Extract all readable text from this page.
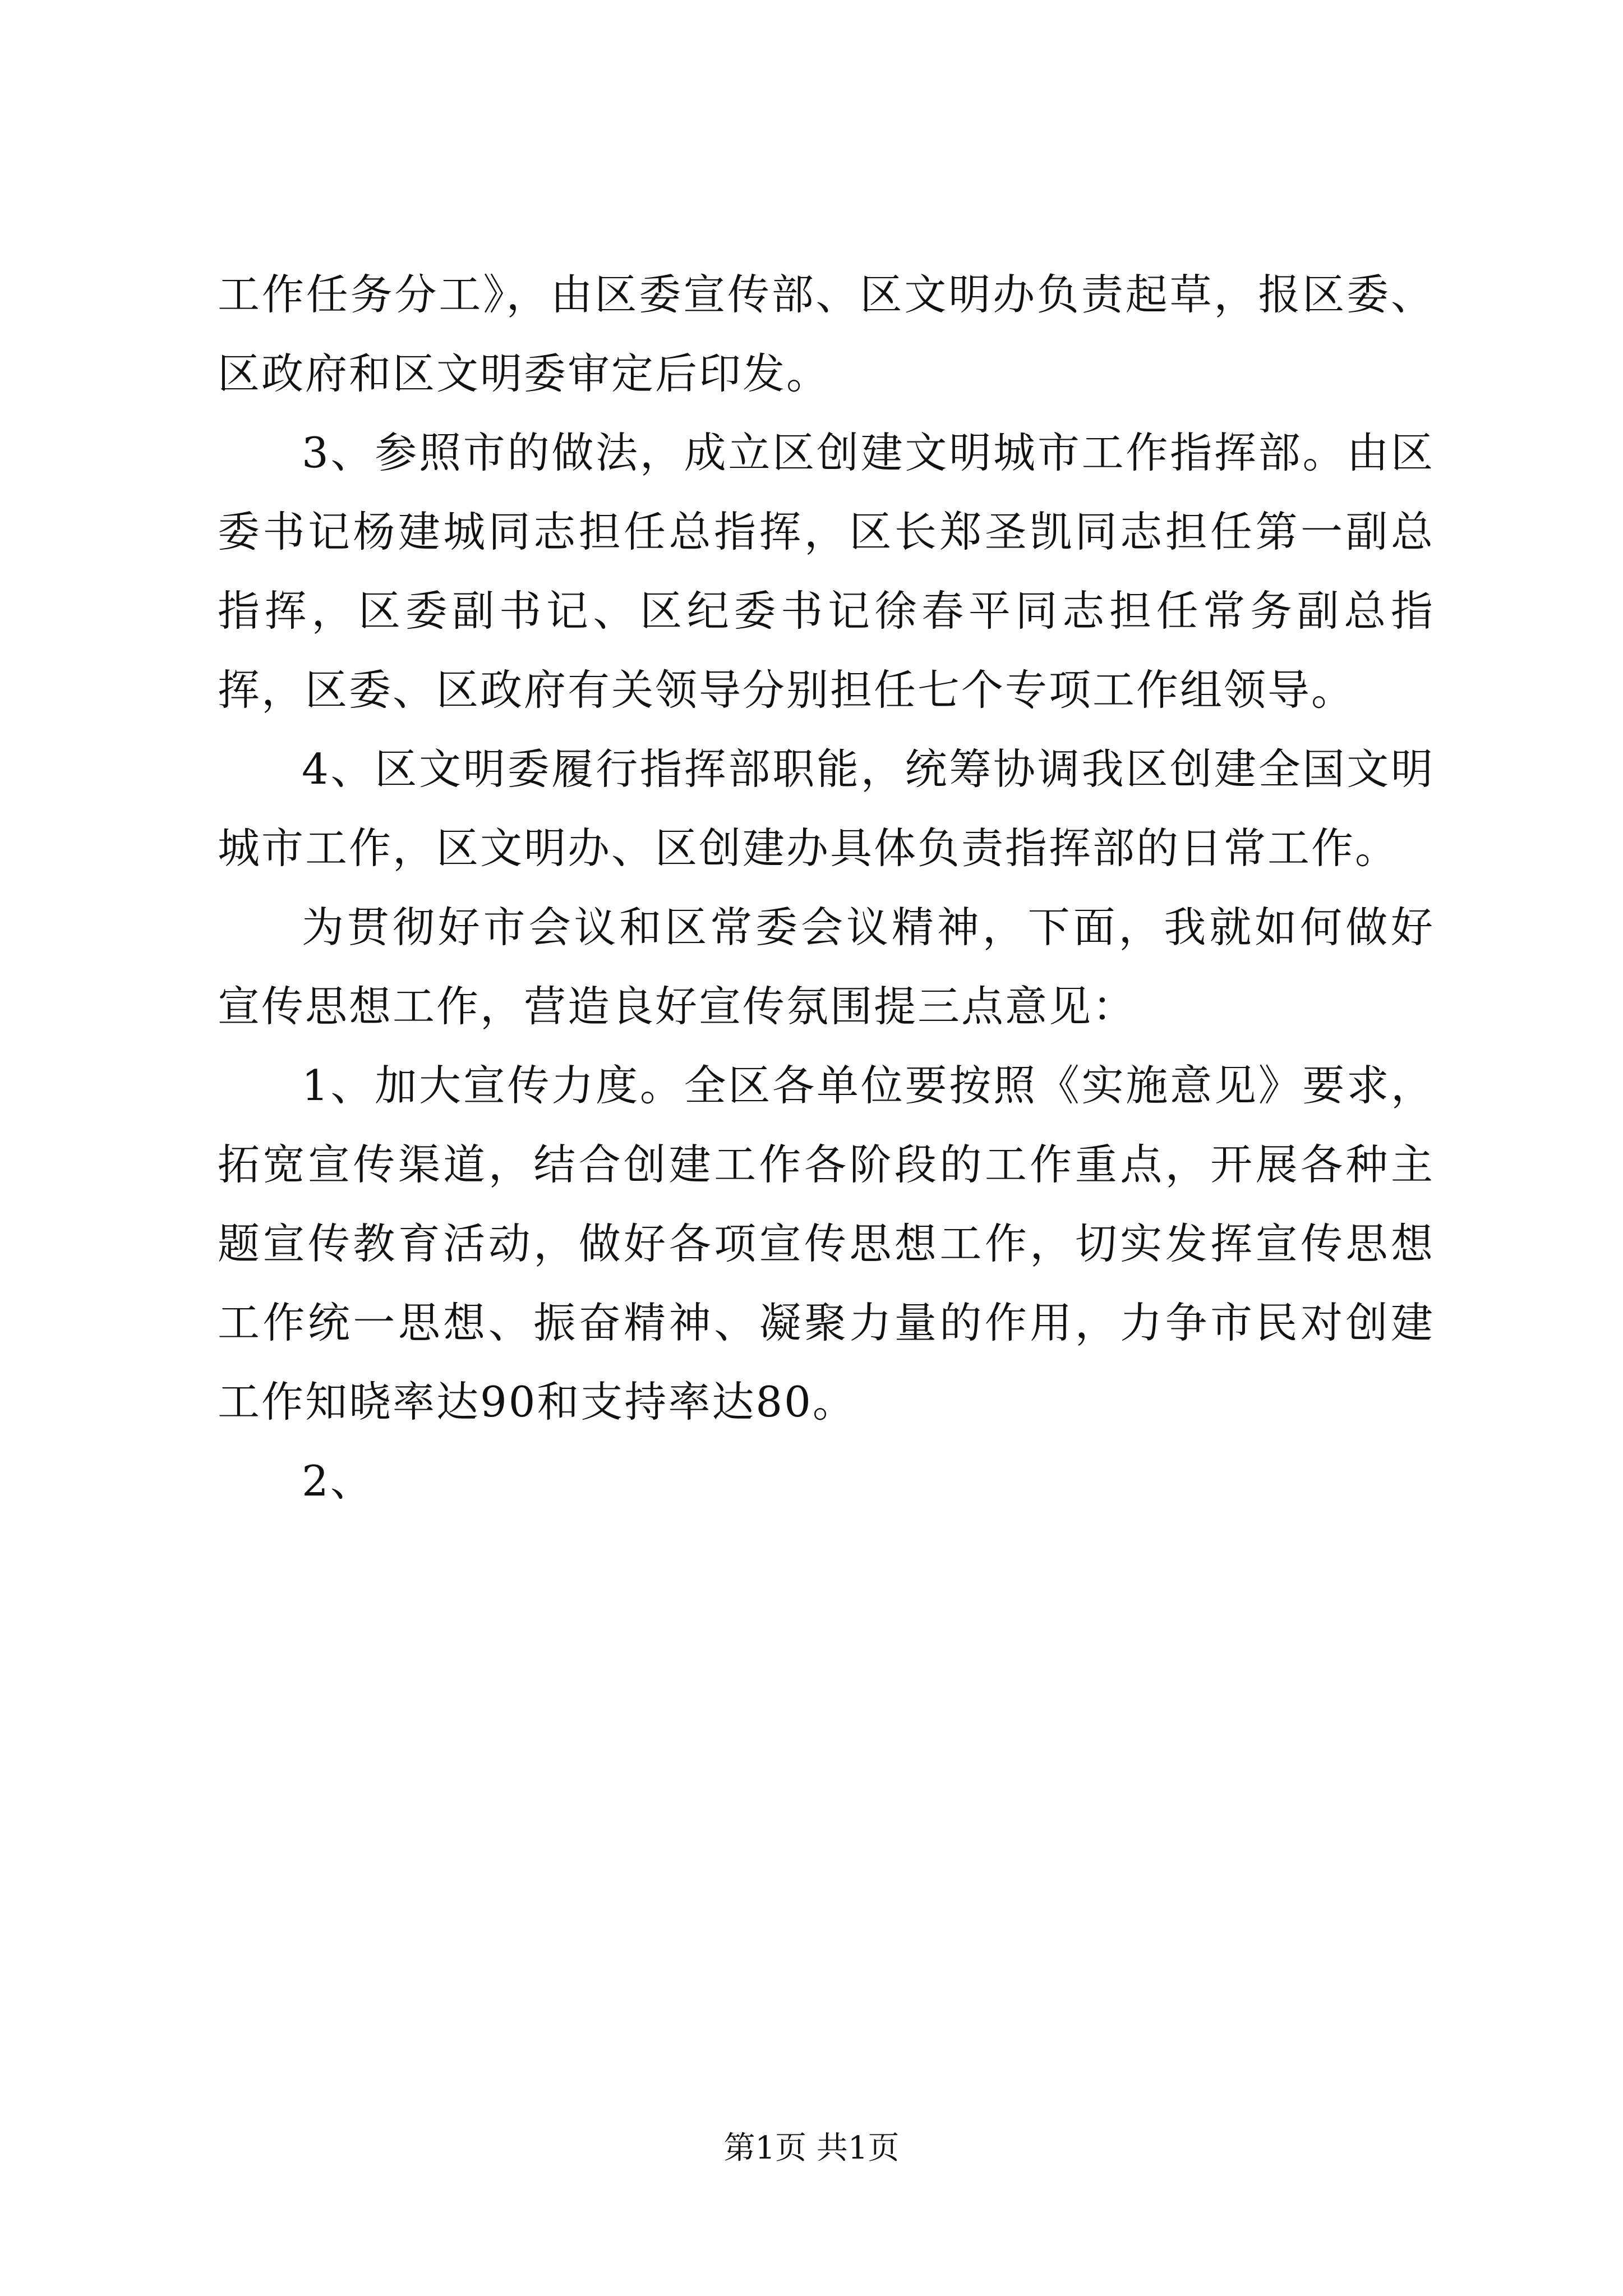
工作任务分工》，由区委宣传部、区文明办负责起草，报区委、区政府和区文明委审定后印发。

3、参照市的做法，成立区创建文明城市工作指挥部。由区委书记杨建城同志担任总指挥，区长郑圣凯同志担任第一副总指挥，区委副书记、区纪委书记徐春平同志担任常务副总指挥，区委、区政府有关领导分别担任七个专项工作组领导。

4、区文明委履行指挥部职能，统筹协调我区创建全国文明城市工作，区文明办、区创建办具体负责指挥部的日常工作。

为贯彻好市会议和区常委会议精神，下面，我就如何做好宣传思想工作，营造良好宣传氛围提三点意见：

1、加大宣传力度。全区各单位要按照《实施意见》要求，拓宽宣传渠道，结合创建工作各阶段的工作重点，开展各种主题宣传教育活动，做好各项宣传思想工作，切实发挥宣传思想工作统一思想、振奋精神、凝聚力量的作用，力争市民对创建工作知晓率达90和支持率达80。

2、

第1页 共1页
